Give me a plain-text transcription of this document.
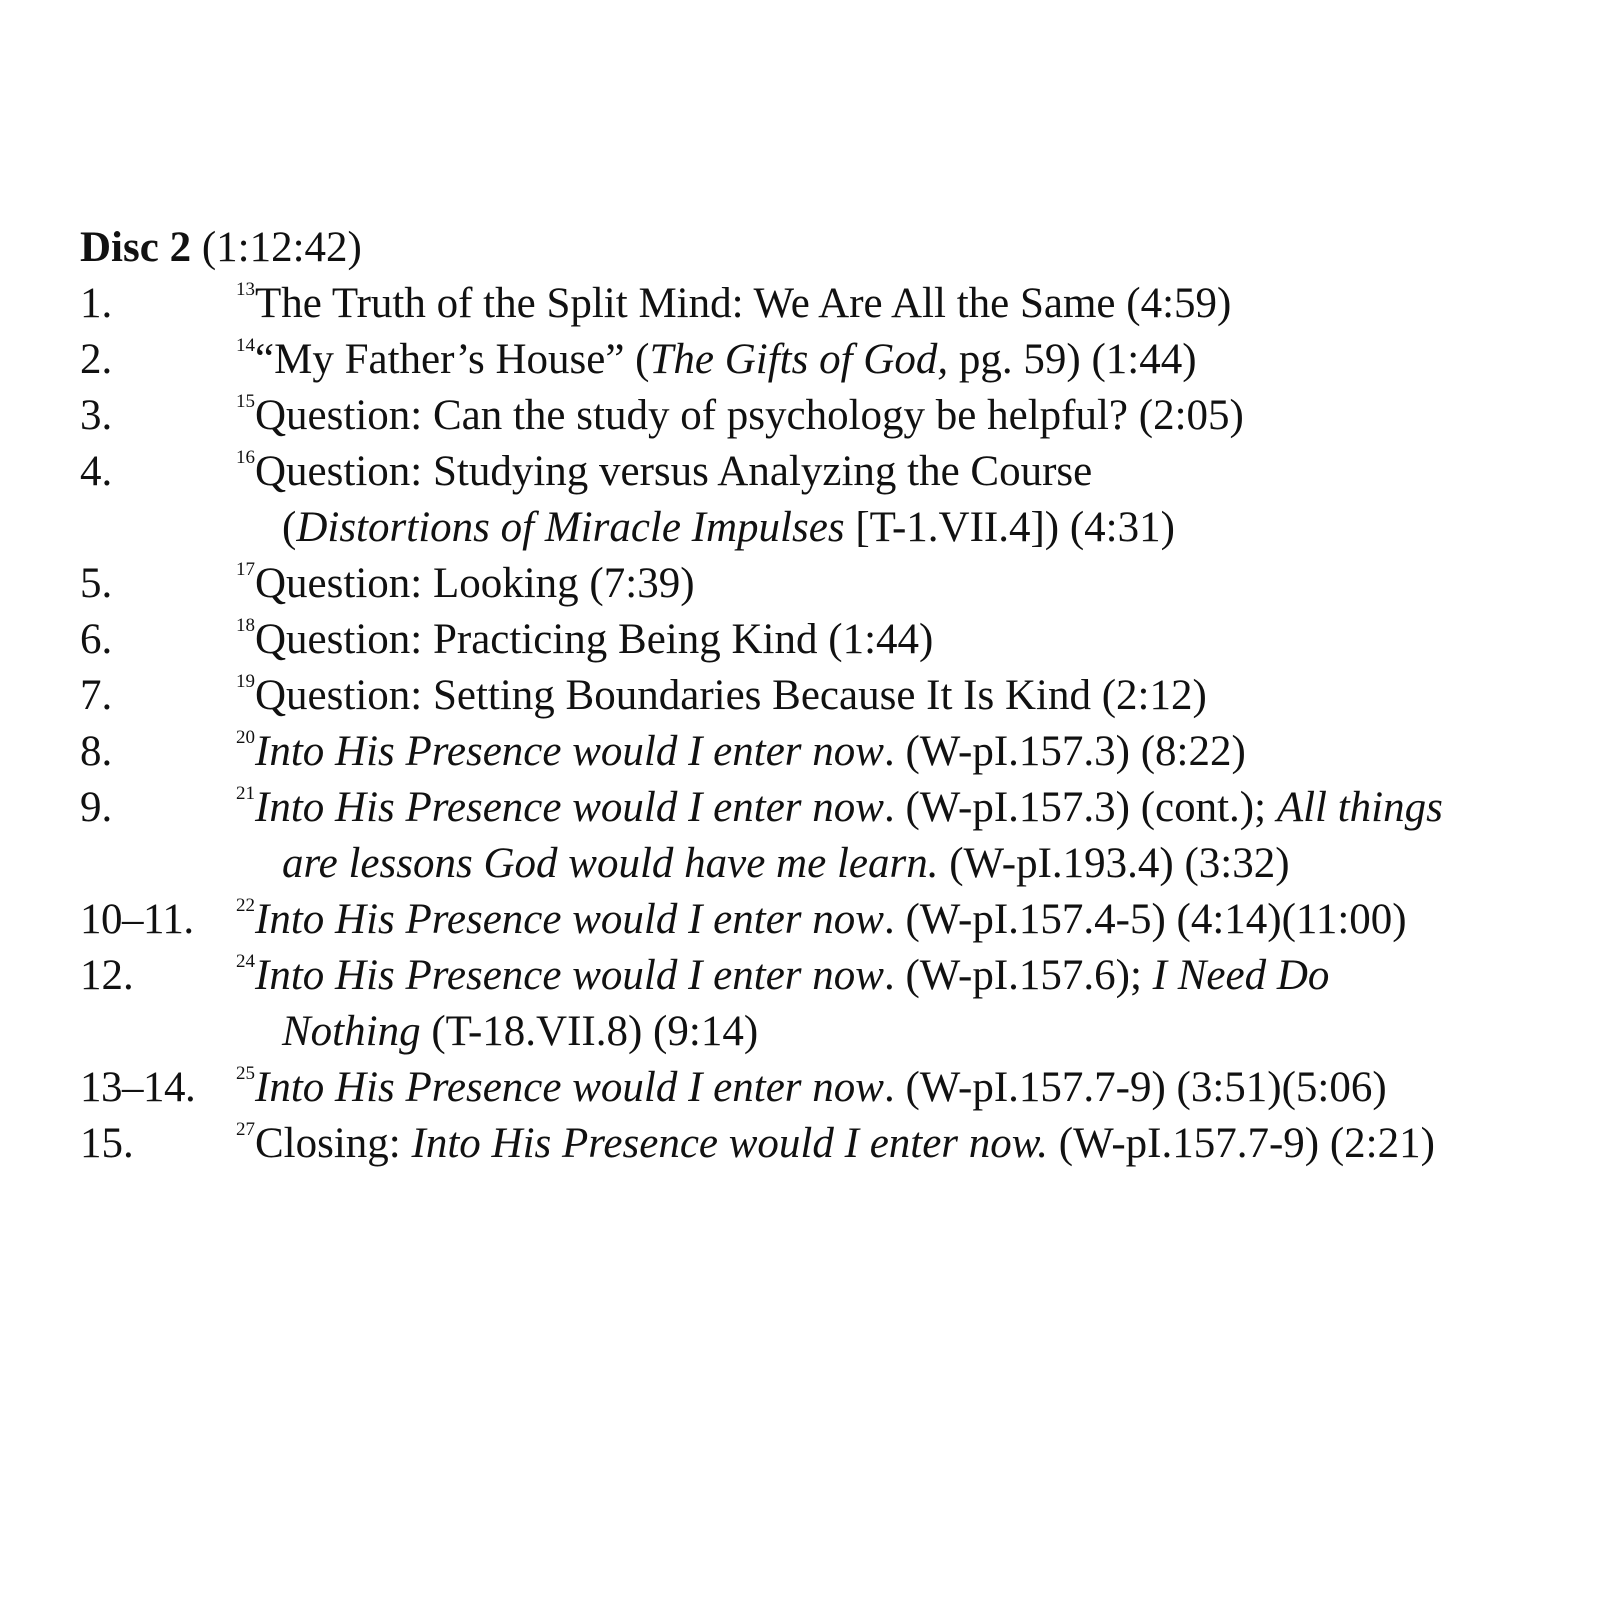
Disc 2 (1:12:42)
1.	$^{13}$The Truth of the Split Mind: We Are All the Same (4:59)
2.	$^{14}$“My Father’s House” (The Gifts of God, pg. 59) (1:44)
3.	$^{15}$Question: Can the study of psychology be helpful? (2:05)
4.	$^{16}$Question: Studying versus Analyzing the Course
(Distortions of Miracle Impulses [T-1.VII.4]) (4:31)
5.	$^{17}$Question: Looking (7:39)
6.	$^{18}$Question: Practicing Being Kind (1:44)
7.	$^{19}$Question: Setting Boundaries Because It Is Kind (2:12)
8.	$^{20}$Into His Presence would I enter now. (W-pI.157.3) (8:22)
9.	$^{21}$Into His Presence would I enter now. (W-pI.157.3) (cont.); All things
are lessons God would have me learn. (W-pI.193.4) (3:32)
10–11. $^{22}$Into His Presence would I enter now. (W-pI.157.4-5) (4:14)(11:00)
12.	$^{24}$Into His Presence would I enter now. (W-pI.157.6); I Need Do
Nothing (T-18.VII.8) (9:14)
13–14. $^{25}$Into His Presence would I enter now. (W-pI.157.7-9) (3:51)(5:06)
15.	$^{27}$Closing: Into His Presence would I enter now. (W-pI.157.7-9) (2:21)
